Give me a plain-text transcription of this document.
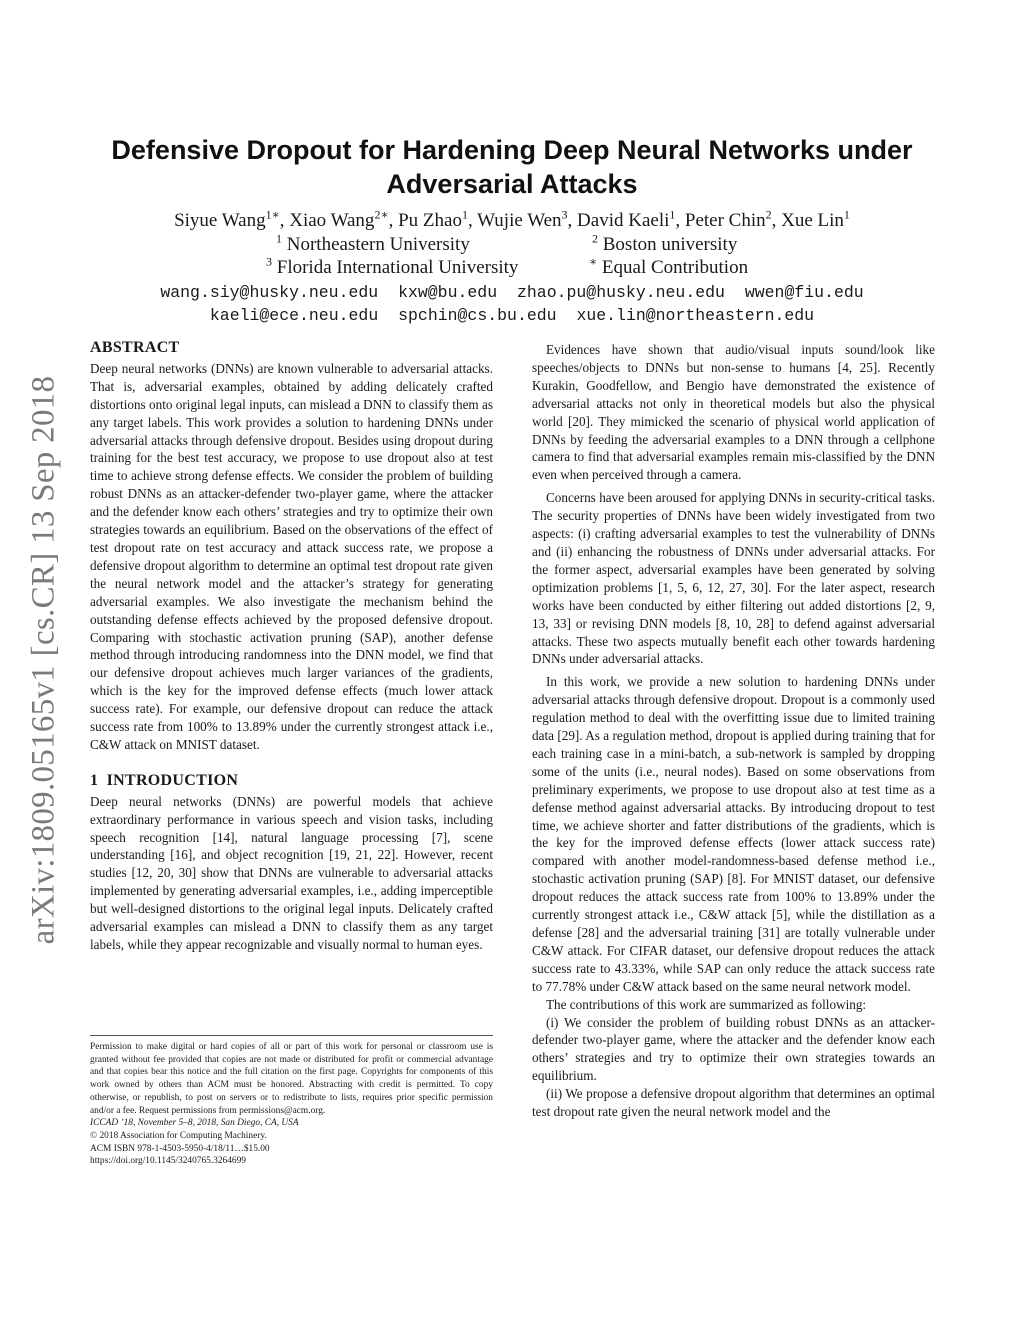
arXiv:1809.05165v1 [cs.CR] 13 Sep 2018
Defensive Dropout for Hardening Deep Neural Networks under
Adversarial Attacks
Siyue Wang$^{1∗}$, Xiao Wang$^{2∗}$, Pu Zhao$^1$, Wujie Wen$^3$, David Kaeli$^1$, Peter Chin$^2$, Xue Lin$^1$
$^1$ Northeastern University	$^2$ Boston university
$^3$ Florida International University	∗ Equal Contribution
wang.siy@husky.neu.edu kxw@bu.edu zhao.pu@husky.neu.edu wwen@fiu.edu
kaeli@ece.neu.edu spchin@cs.bu.edu xue.lin@northeastern.edu
ABSTRACT

Deep neural networks (DNNs) are known vulnerable to adversarial attacks. That is, adversarial examples, obtained by adding delicately crafted distortions onto original legal inputs, can mislead a DNN to classify them as any target labels. This work provides a solution to hardening DNNs under adversarial attacks through defensive dropout. Besides using dropout during training for the best test accuracy, we propose to use dropout also at test time to achieve strong defense effects. We consider the problem of building robust DNNs as an attacker-defender two-player game, where the attacker and the defender know each others’ strategies and try to optimize their own strategies towards an equilibrium. Based on the observations of the effect of test dropout rate on test accuracy and attack success rate, we propose a defensive dropout algorithm to determine an optimal test dropout rate given the neural network model and the attacker’s strategy for generating adversarial examples. We also investigate the mechanism behind the outstanding defense effects achieved by the proposed defensive dropout. Comparing with stochastic activation pruning (SAP), another defense method through introducing randomness into the DNN model, we find that our defensive dropout achieves much larger variances of the gradients, which is the key for the improved defense effects (much lower attack success rate). For example, our defensive dropout can reduce the attack success rate from 100% to 13.89% under the currently strongest attack i.e., C&W attack on MNIST dataset.

1 INTRODUCTION

Deep neural networks (DNNs) are powerful models that achieve extraordinary performance in various speech and vision tasks, including speech recognition [14], natural language processing [7], scene understanding [16], and object recognition [19, 21, 22]. However, recent studies [12, 20, 30] show that DNNs are vulnerable to adversarial attacks implemented by generating adversarial examples, i.e., adding imperceptible but well-designed distortions to the original legal inputs. Delicately crafted adversarial examples can mislead a DNN to classify them as any target labels, while they appear recognizable and visually normal to human eyes.

Permission to make digital or hard copies of all or part of this work for personal or classroom use is granted without fee provided that copies are not made or distributed for profit or commercial advantage and that copies bear this notice and the full citation on the first page. Copyrights for components of this work owned by others than ACM must be honored. Abstracting with credit is permitted. To copy otherwise, or republish, to post on servers or to redistribute to lists, requires prior specific permission and/or a fee. Request permissions from permissions@acm.org.

ICCAD ’18, November 5–8, 2018, San Diego, CA, USA

© 2018 Association for Computing Machinery.

ACM ISBN 978-1-4503-5950-4/18/11…$15.00

https://doi.org/10.1145/3240765.3264699

Evidences have shown that audio/visual inputs sound/look like speeches/objects to DNNs but non-sense to humans [4, 25]. Recently Kurakin, Goodfellow, and Bengio have demonstrated the existence of adversarial attacks not only in theoretical models but also the physical world [20]. They mimicked the scenario of physical world application of DNNs by feeding the adversarial examples to a DNN through a cellphone camera to find that adversarial examples remain mis-classified by the DNN even when perceived through a camera.

Concerns have been aroused for applying DNNs in security-critical tasks. The security properties of DNNs have been widely investigated from two aspects: (i) crafting adversarial examples to test the vulnerability of DNNs and (ii) enhancing the robustness of DNNs under adversarial attacks. For the former aspect, adversarial examples have been generated by solving optimization problems [1, 5, 6, 12, 27, 30]. For the later aspect, research works have been conducted by either filtering out added distortions [2, 9, 13, 33] or revising DNN models [8, 10, 28] to defend against adversarial attacks. These two aspects mutually benefit each other towards hardening DNNs under adversarial attacks.

In this work, we provide a new solution to hardening DNNs under adversarial attacks through defensive dropout. Dropout is a commonly used regulation method to deal with the overfitting issue due to limited training data [29]. As a regulation method, dropout is applied during training that for each training case in a mini-batch, a sub-network is sampled by dropping some of the units (i.e., neural nodes). Based on some observations from preliminary experiments, we propose to use dropout also at test time as a defense method against adversarial attacks. By introducing dropout to test time, we achieve shorter and fatter distributions of the gradients, which is the key for the improved defense effects (lower attack success rate) compared with another model-randomness-based defense method i.e., stochastic activation pruning (SAP) [8]. For MNIST dataset, our defensive dropout reduces the attack success rate from 100% to 13.89% under the currently strongest attack i.e., C&W attack [5], while the distillation as a defense [28] and the adversarial training [31] are totally vulnerable under C&W attack. For CIFAR dataset, our defensive dropout reduces the attack success rate to 43.33%, while SAP can only reduce the attack success rate to 77.78% under C&W attack based on the same neural network model.

The contributions of this work are summarized as following:

(i) We consider the problem of building robust DNNs as an attacker-defender two-player game, where the attacker and the defender know each others’ strategies and try to optimize their own strategies towards an equilibrium.

(ii) We propose a defensive dropout algorithm that determines an optimal test dropout rate given the neural network model and the
